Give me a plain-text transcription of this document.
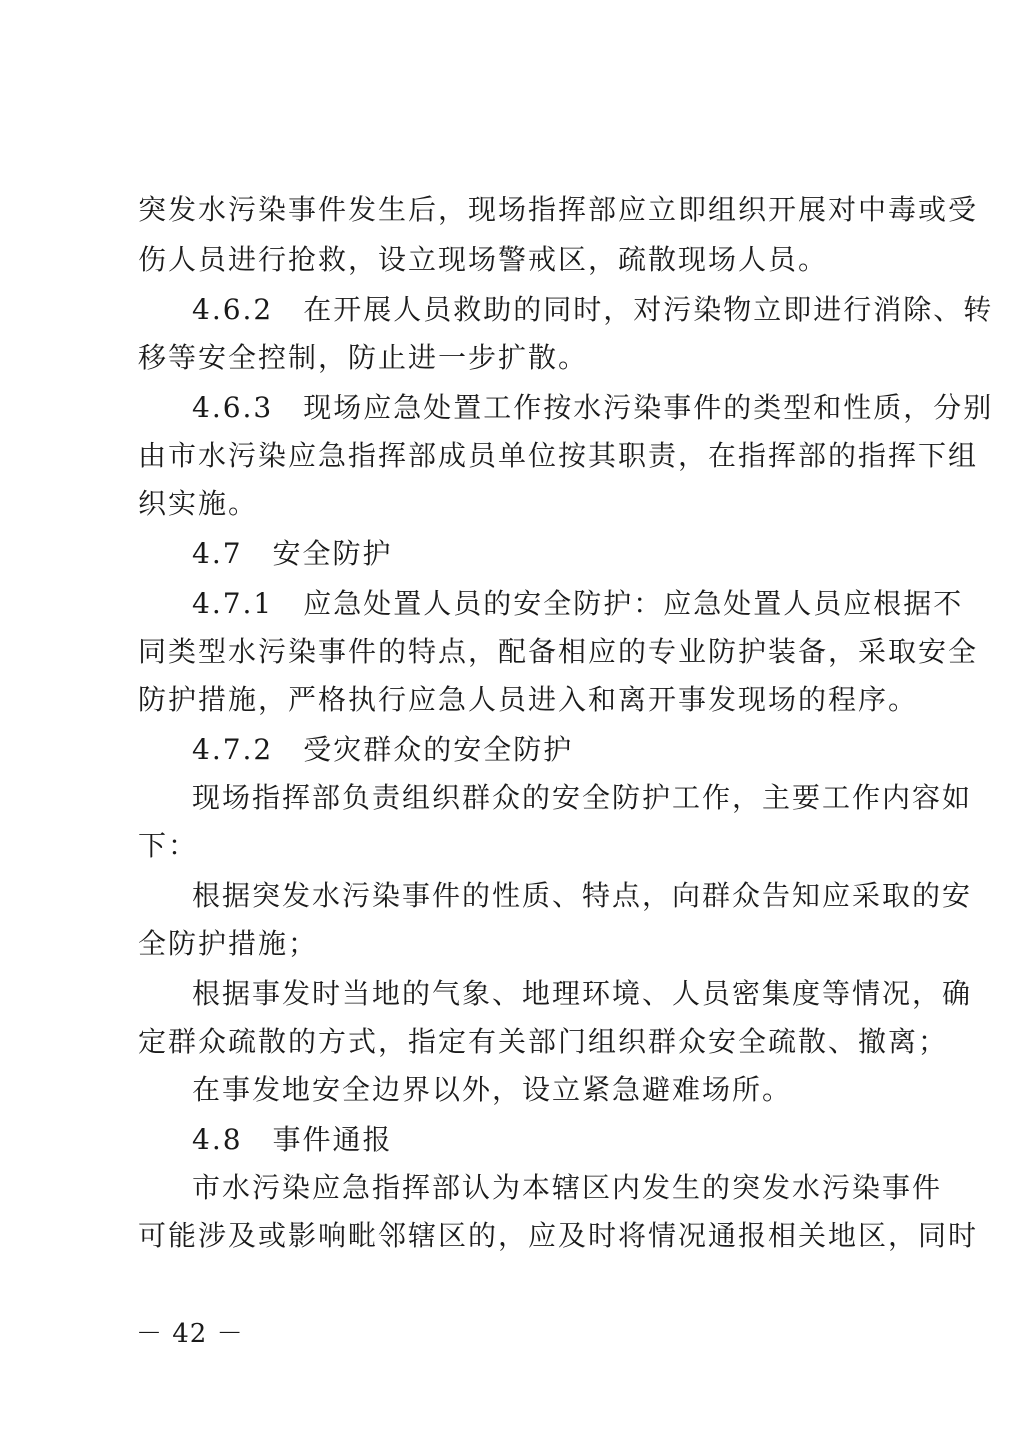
突发水污染事件发生后，现场指挥部应立即组织开展对中毒或受
伤人员进行抢救，设立现场警戒区，疏散现场人员。
4.6.2　在开展人员救助的同时，对污染物立即进行消除、转
移等安全控制，防止进一步扩散。
4.6.3　现场应急处置工作按水污染事件的类型和性质，分别
由市水污染应急指挥部成员单位按其职责，在指挥部的指挥下组
织实施。
4.7　安全防护
4.7.1　应急处置人员的安全防护：应急处置人员应根据不
同类型水污染事件的特点，配备相应的专业防护装备，采取安全
防护措施，严格执行应急人员进入和离开事发现场的程序。
4.7.2　受灾群众的安全防护
现场指挥部负责组织群众的安全防护工作，主要工作内容如
下：
根据突发水污染事件的性质、特点，向群众告知应采取的安
全防护措施；
根据事发时当地的气象、地理环境、人员密集度等情况，确
定群众疏散的方式，指定有关部门组织群众安全疏散、撤离；
在事发地安全边界以外，设立紧急避难场所。
4.8　事件通报
市水污染应急指挥部认为本辖区内发生的突发水污染事件
可能涉及或影响毗邻辖区的，应及时将情况通报相关地区，同时
－ 42 －
